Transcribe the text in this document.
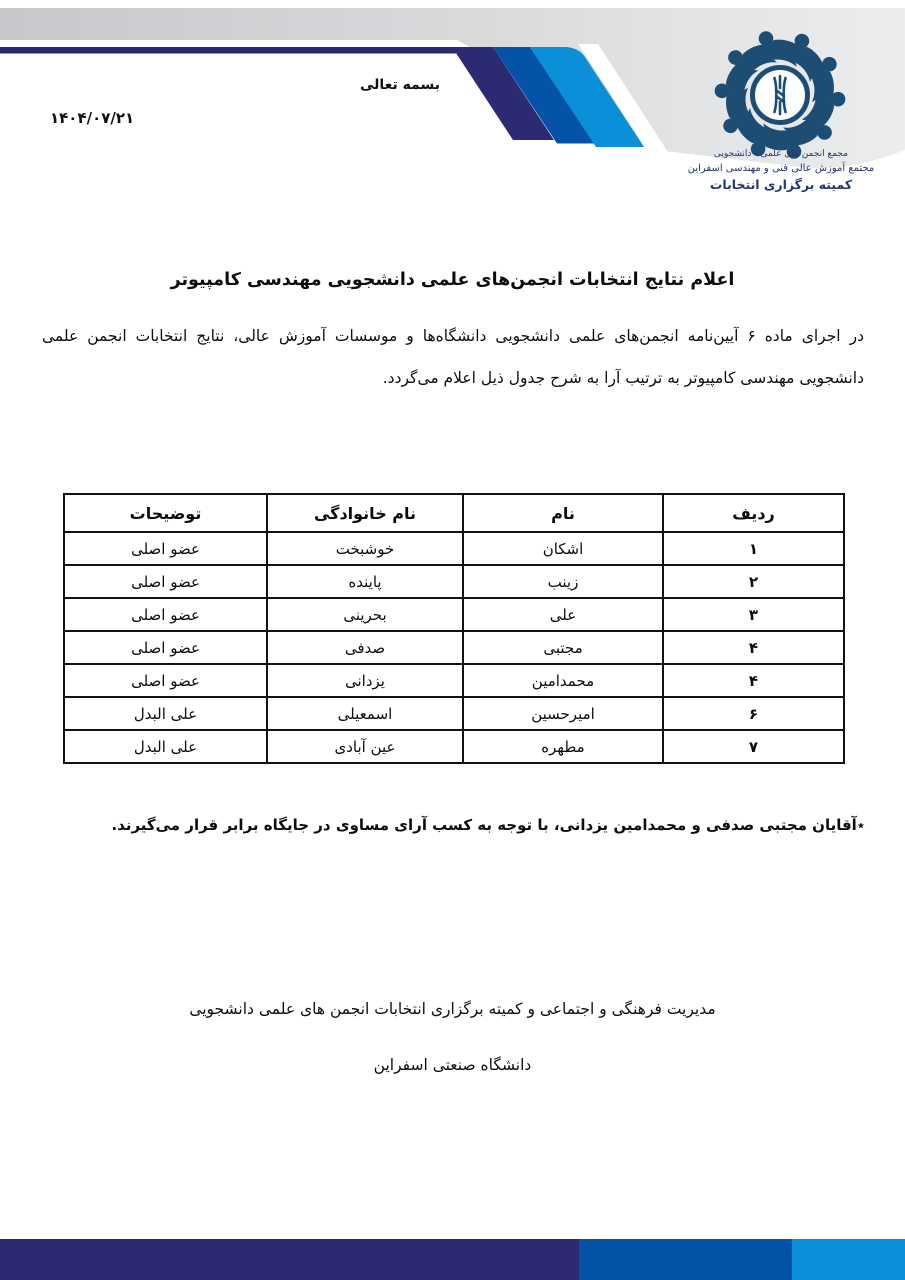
مجمع انجمن های علمی - دانشجویی
مجتمع آموزش عالی فنی و مهندسی اسفراین
کمیته برگزاری انتخابات
بسمه تعالی
۱۴۰۴/۰۷/۲۱
اعلام نتایج انتخابات انجمن‌های علمی دانشجویی مهندسی کامپیوتر
در اجرای ماده ۶ آیین‌نامه انجمن‌های علمی دانشجویی دانشگاه‌ها و موسسات آموزش عالی، نتایج انتخابات انجمن علمی دانشجویی مهندسی کامپیوتر به ترتیب آرا به شرح جدول ذیل اعلام می‌گردد.
ردیف	نام	نام خانوادگی	توضیحات
۱	اشکان	خوشبخت	عضو اصلی
۲	زینب	پاینده	عضو اصلی
۳	علی	بحرینی	عضو اصلی
۴	مجتبی	صدفی	عضو اصلی
۴	محمدامین	یزدانی	عضو اصلی
۶	امیرحسین	اسمعیلی	علی البدل
۷	مطهره	عین آبادی	علی البدل
٭آقایان مجتبی صدفی و محمدامین یزدانی، با توجه به کسب آرای مساوی در جایگاه برابر قرار می‌گیرند.
مدیریت فرهنگی و اجتماعی و کمیته برگزاری انتخابات انجمن های علمی دانشجویی
دانشگاه صنعتی اسفراین
